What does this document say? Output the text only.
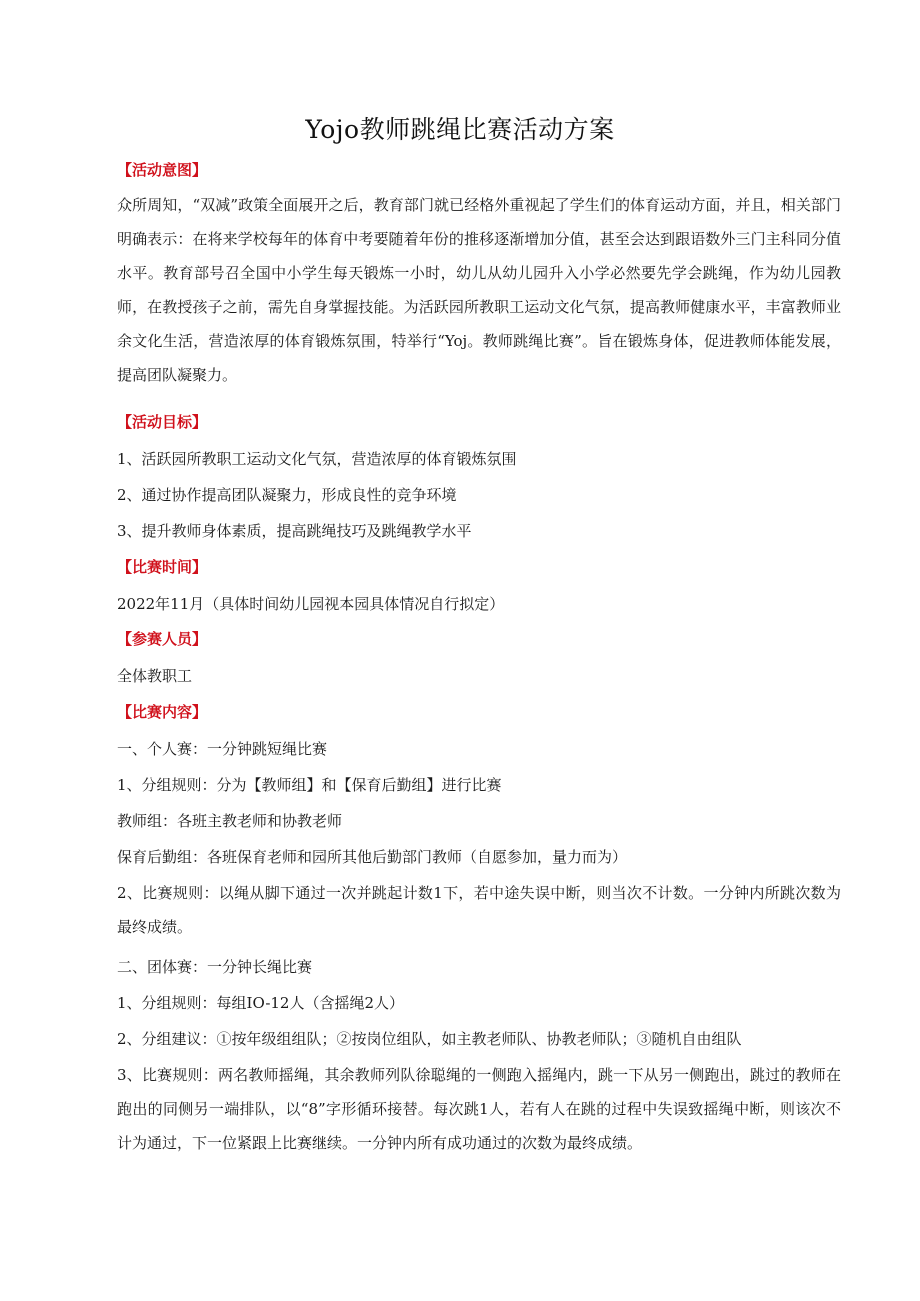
Yojo教师跳绳比赛活动方案
【活动意图】

众所周知，“双减”政策全面展开之后，教育部门就已经格外重视起了学生们的体育运动方面，并且，相关部门明确表示：在将来学校每年的体育中考要随着年份的推移逐渐增加分值，甚至会达到跟语数外三门主科同分值水平。教育部号召全国中小学生每天锻炼一小时，幼儿从幼儿园升入小学必然要先学会跳绳，作为幼儿园教师，在教授孩子之前，需先自身掌握技能。为活跃园所教职工运动文化气氛，提高教师健康水平，丰富教师业余文化生活，营造浓厚的体育锻炼氛围，特举行“Yoj。教师跳绳比赛”。旨在锻炼身体，促进教师体能发展，提高团队凝聚力。

【活动目标】
1、活跃园所教职工运动文化气氛，营造浓厚的体育锻炼氛围
2、通过协作提高团队凝聚力，形成良性的竞争环境
3、提升教师身体素质，提高跳绳技巧及跳绳教学水平
【比赛时间】
2022年11月（具体时间幼儿园视本园具体情况自行拟定）
【参赛人员】
全体教职工
【比赛内容】
一、个人赛：一分钟跳短绳比赛
1、分组规则：分为【教师组】和【保育后勤组】进行比赛
教师组：各班主教老师和协教老师
保育后勤组：各班保育老师和园所其他后勤部门教师（自愿参加，量力而为）

2、比赛规则：以绳从脚下通过一次并跳起计数1下，若中途失误中断，则当次不计数。一分钟内所跳次数为最终成绩。

二、团体赛：一分钟长绳比赛
1、分组规则：每组IO-12人（含摇绳2人）
2、分组建议：①按年级组组队；②按岗位组队，如主教老师队、协教老师队；③随机自由组队

3、比赛规则：两名教师摇绳，其余教师列队徐聪绳的一侧跑入摇绳内，跳一下从另一侧跑出，跳过的教师在跑出的同侧另一端排队，以“8”字形循环接替。每次跳1人，若有人在跳的过程中失误致摇绳中断，则该次不计为通过，下一位紧跟上比赛继续。一分钟内所有成功通过的次数为最终成绩。
